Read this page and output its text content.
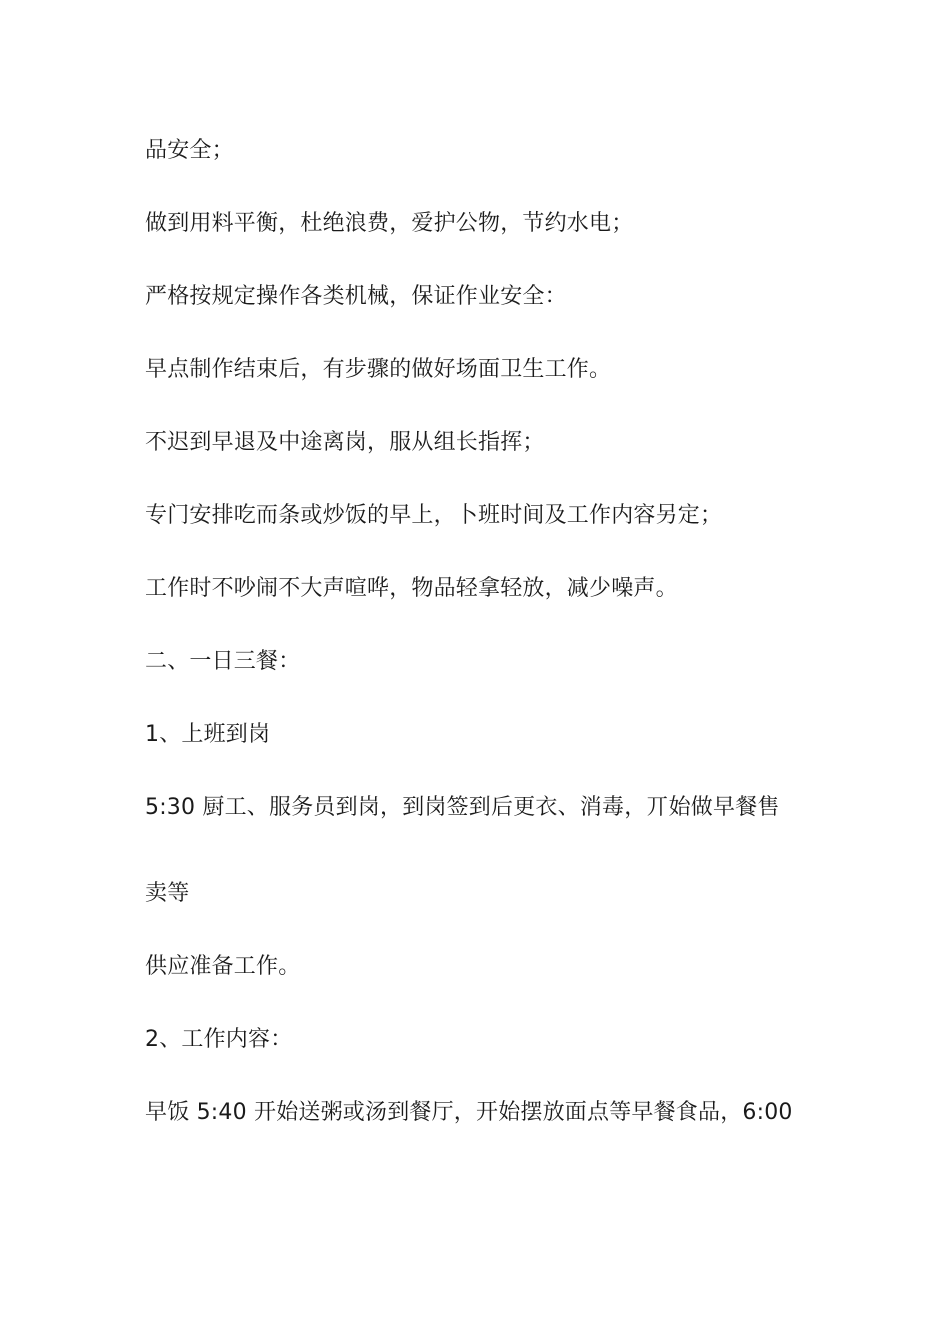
品安全；

做到用料平衡，杜绝浪费，爱护公物，节约水电；

严格按规定操作各类机械，保证作业安全：

早点制作结束后，有步骤的做好场面卫生工作。

不迟到早退及中途离岗，服从组长指挥；

专门安排吃而条或炒饭的早上，卜班时间及工作内容另定；

工作时不吵闹不大声喧哗，物品轻拿轻放，减少噪声。

二、一日三餐：

1、上班到岗

5:30 厨工、服务员到岗，到岗签到后更衣、消毒，丌始做早餐售

卖等

供应准备工作。

2、工作内容：

早饭 5:40 开始送粥或汤到餐厅，开始摆放面点等早餐食品，6:00
